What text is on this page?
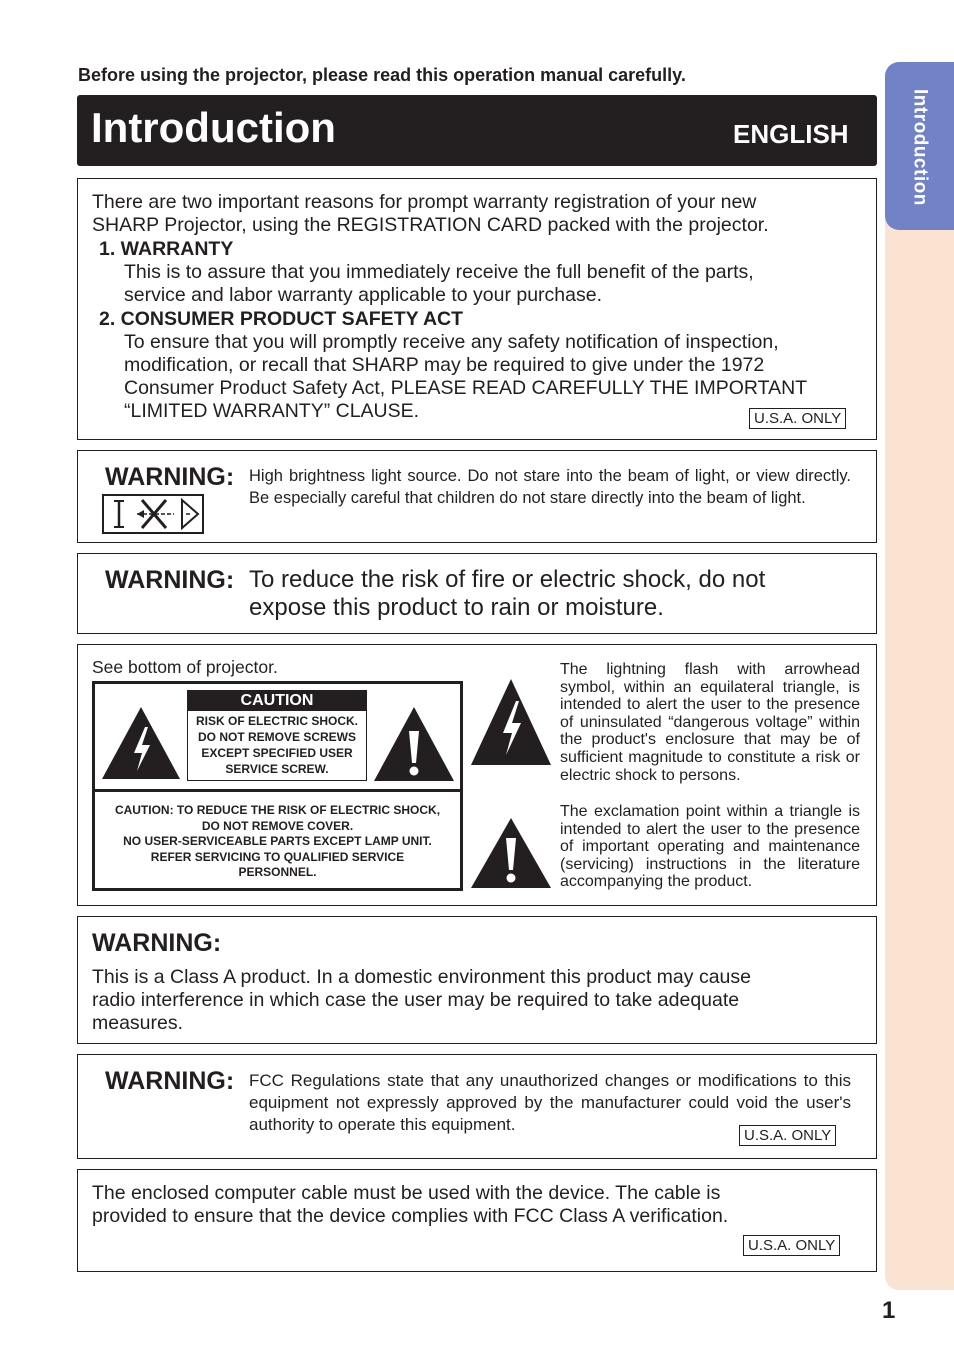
Introduction
Before using the projector, please read this operation manual carefully.
Introduction	ENGLISH
There are two important reasons for prompt warranty registration of your new
SHARP Projector, using the REGISTRATION CARD packed with the projector.
1. WARRANTY
This is to assure that you immediately receive the full benefit of the parts,
service and labor warranty applicable to your purchase.
2. CONSUMER PRODUCT SAFETY ACT
To ensure that you will promptly receive any safety notification of inspection,
modification, or recall that SHARP may be required to give under the 1972
Consumer Product Safety Act, PLEASE READ CAREFULLY THE IMPORTANT
“LIMITED WARRANTY” CLAUSE.	U.S.A. ONLY
WARNING: High brightness light source. Do not stare into the beam of light, or view directly. Be especially careful that children do not stare directly into the beam of light.
WARNING: To reduce the risk of fire or electric shock, do not
expose this product to rain or moisture.
See bottom of projector.
CAUTION
RISK OF ELECTRIC SHOCK.
DO NOT REMOVE SCREWS
EXCEPT SPECIFIED USER
SERVICE SCREW.
CAUTION: TO REDUCE THE RISK OF ELECTRIC SHOCK,
DO NOT REMOVE COVER.
NO USER-SERVICEABLE PARTS EXCEPT LAMP UNIT.
REFER SERVICING TO QUALIFIED SERVICE
PERSONNEL.
The lightning flash with arrowhead symbol, within an equilateral triangle, is intended to alert the user to the presence of uninsulated “dangerous voltage” within the product's enclosure that may be of sufficient magnitude to constitute a risk or electric shock to persons.
The exclamation point within a triangle is intended to alert the user to the presence of important operating and maintenance (servicing) instructions in the literature accompanying the product.
WARNING:
This is a Class A product. In a domestic environment this product may cause
radio interference in which case the user may be required to take adequate
measures.
WARNING: FCC Regulations state that any unauthorized changes or modifications to this equipment not expressly approved by the manufacturer could void the user's authority to operate this equipment.
U.S.A. ONLY
The enclosed computer cable must be used with the device. The cable is
provided to ensure that the device complies with FCC Class A verification.
U.S.A. ONLY
1
